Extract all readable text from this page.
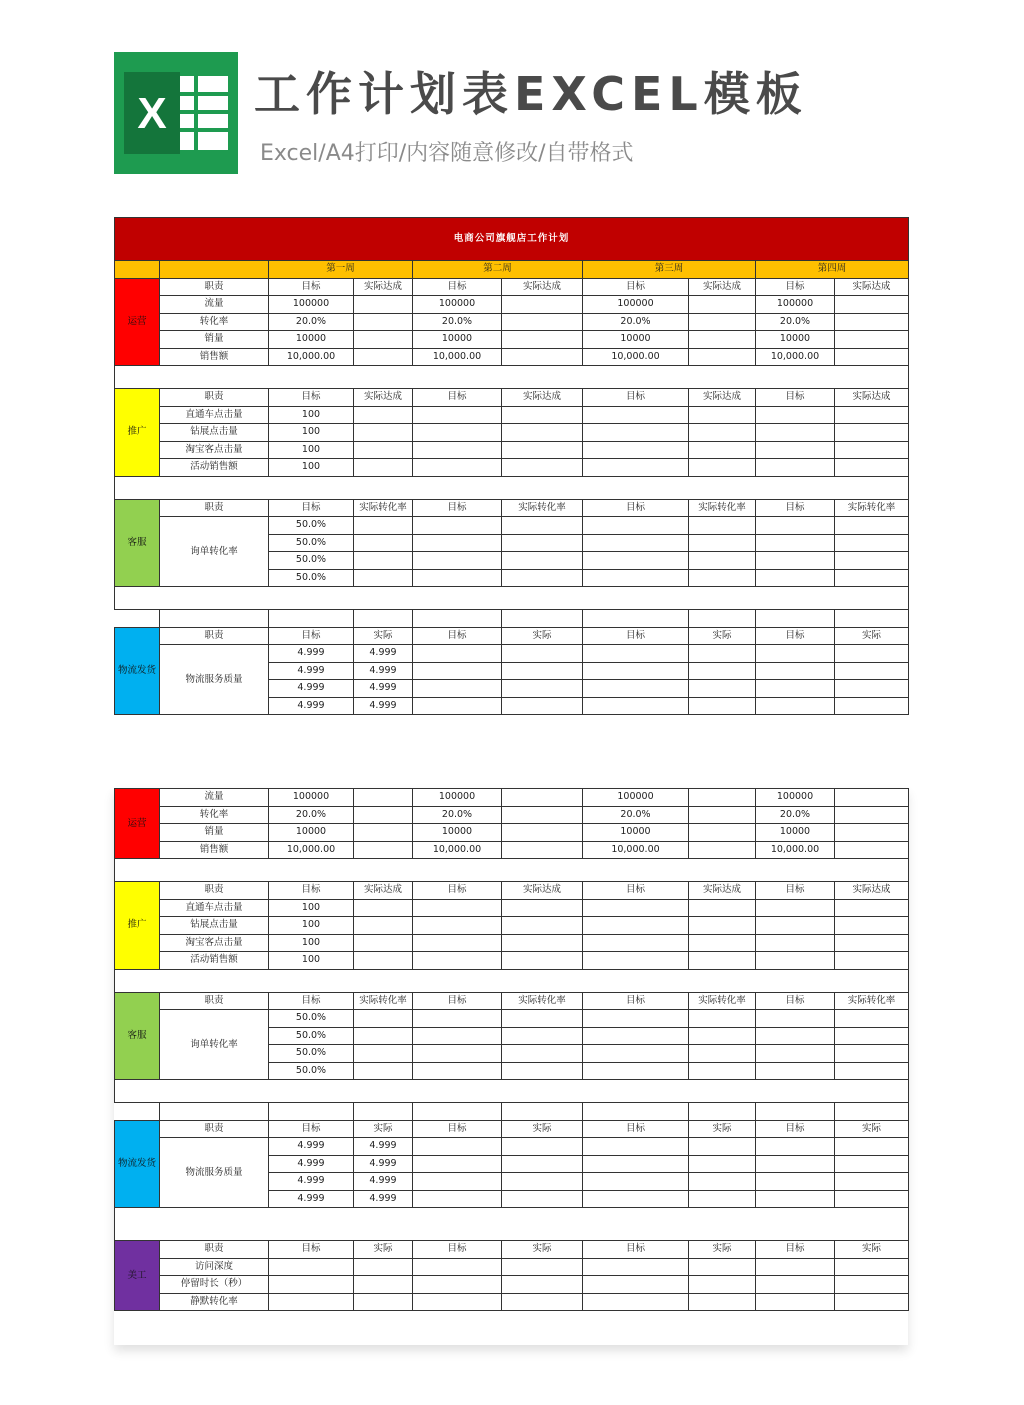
X 工作计划表EXCEL模板
Excel/A4打印/内容随意修改/自带格式
电商公司旗舰店工作计划									
		第一周		第二周		第三周		第四周	
运营	职责	目标	实际达成	目标	实际达成	目标	实际达成	目标	实际达成
	流量	100000		100000		100000		100000	
	转化率	20.0%		20.0%		20.0%		20.0%	
	销量	10000		10000		10000		10000	
	销售额	10,000.00		10,000.00		10,000.00		10,000.00	

推广	职责	目标	实际达成	目标	实际达成	目标	实际达成	目标	实际达成
	直通车点击量	100							
	钻展点击量	100							
	淘宝客点击量	100							
	活动销售额	100							

客服	职责	目标	实际转化率	目标	实际转化率	目标	实际转化率	目标	实际转化率
	询单转化率	50.0%							
		50.0%							
		50.0%							
		50.0%							

物流发货	职责	目标	实际	目标	实际	目标	实际	目标	实际
	物流服务质量	4.999	4.999						
		4.999	4.999						
		4.999	4.999						
		4.999	4.999						
运营	流量	100000		100000		100000		100000	
	转化率	20.0%		20.0%		20.0%		20.0%	
	销量	10000		10000		10000		10000	
	销售额	10,000.00		10,000.00		10,000.00		10,000.00	

推广	职责	目标	实际达成	目标	实际达成	目标	实际达成	目标	实际达成
	直通车点击量	100							
	钻展点击量	100							
	淘宝客点击量	100							
	活动销售额	100							

客服	职责	目标	实际转化率	目标	实际转化率	目标	实际转化率	目标	实际转化率
	询单转化率	50.0%							
		50.0%							
		50.0%							
		50.0%							

物流发货	职责	目标	实际	目标	实际	目标	实际	目标	实际
	物流服务质量	4.999	4.999						
		4.999	4.999						
		4.999	4.999						
		4.999	4.999						

美工	职责	目标	实际	目标	实际	目标	实际	目标	实际
	访问深度								
	停留时长（秒）								
	静默转化率								
